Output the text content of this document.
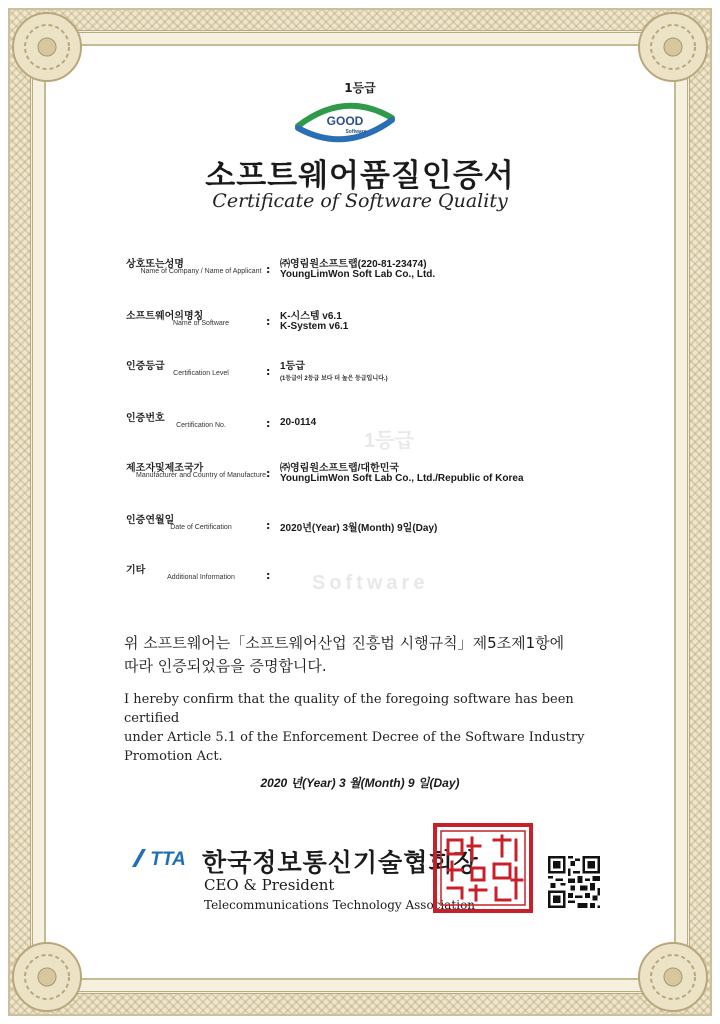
1등급
GOOD
Software
소프트웨어품질인증서
Certificate of Software Quality
1등급
Software
상호또는성명
Name of Company / Name of Applicant : ㈜영림원소프트랩(220-81-23474)
YoungLimWon Soft Lab Co., Ltd.
소프트웨어의명칭
Name of Software	: K-시스템 v6.1
K-System v6.1
인증등급
Certification Level	: 1등급
(1등급이 2등급 보다 더 높은 등급입니다.)
인증번호
Certification No.	: 20-0114
제조자및제조국가
Manufacturer and Country of Manufacture : ㈜영림원소프트랩/대한민국
YoungLimWon Soft Lab Co., Ltd./Republic of Korea
인증연월일
Date of Certification	: 2020년(Year) 3월(Month) 9일(Day)
기타
Additional Information	:
위 소프트웨어는「소프트웨어산업 진흥법 시행규칙」제5조제1항에
따라 인증되었음을 증명합니다.
I hereby confirm that the quality of the foregoing software has been certified
under Article 5.1 of the Enforcement Decree of the Software Industry
Promotion Act.
2020 년(Year) 3 월(Month) 9 일(Day)
TTA 한국정보통신기술협회장
CEO & President
Telecommunications Technology Association
